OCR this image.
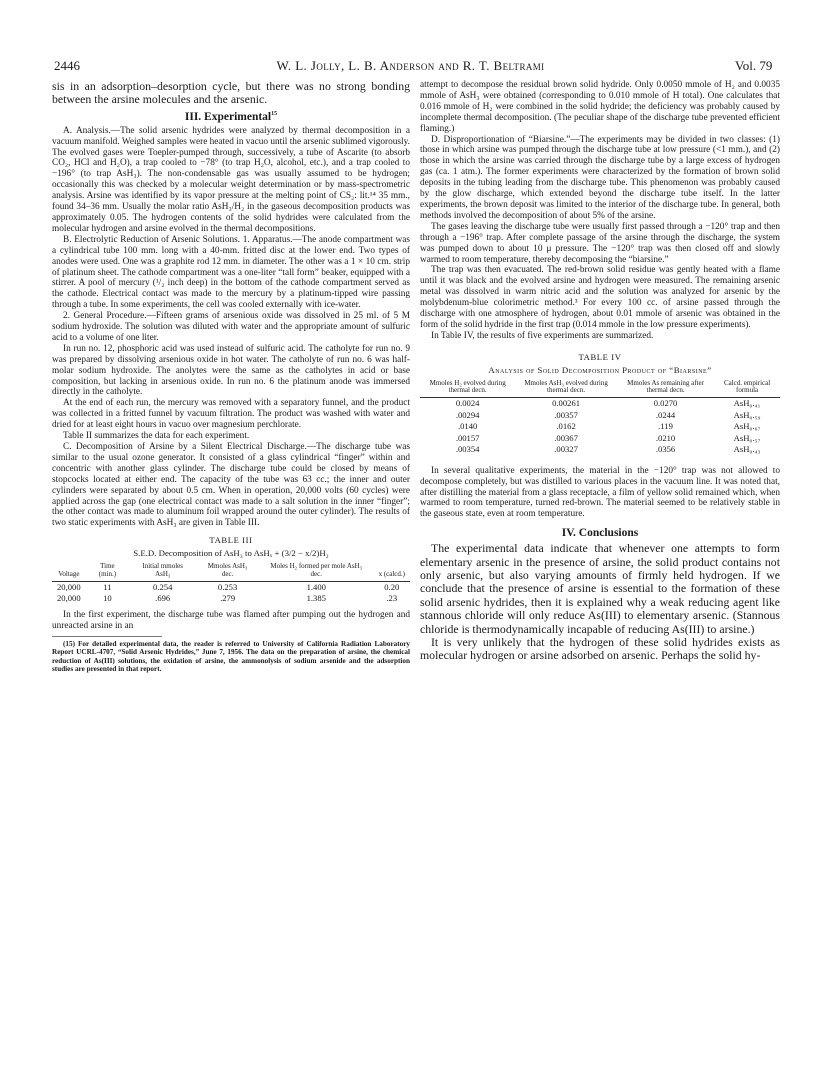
2446	W. L. Jolly, L. B. Anderson and R. T. Beltrami	Vol. 79

sis in an adsorption–desorption cycle, but there was no strong bonding between the arsine molecules and the arsenic.

III. Experimental$^{15}$

A. Analysis.—The solid arsenic hydrides were analyzed by thermal decomposition in a vacuum manifold. Weighed samples were heated in vacuo until the arsenic sublimed vigorously. The evolved gases were Toepler-pumped through, successively, a tube of Ascarite (to absorb CO₂, HCl and H₂O), a trap cooled to −78° (to trap H₂O, alcohol, etc.), and a trap cooled to −196° (to trap AsH₃). The non-condensable gas was usually assumed to be hydrogen; occasionally this was checked by a molecular weight determination or by mass-spectrometric analysis. Arsine was identified by its vapor pressure at the melting point of CS₂: lit.¹⁴ 35 mm., found 34–36 mm. Usually the molar ratio AsH₃/H₂ in the gaseous decomposition products was approximately 0.05. The hydrogen contents of the solid hydrides were calculated from the molecular hydrogen and arsine evolved in the thermal decompositions.

B. Electrolytic Reduction of Arsenic Solutions. 1. Apparatus.—The anode compartment was a cylindrical tube 100 mm. long with a 40-mm. fritted disc at the lower end. Two types of anodes were used. One was a graphite rod 12 mm. in diameter. The other was a 1 × 10 cm. strip of platinum sheet. The cathode compartment was a one-liter “tall form” beaker, equipped with a stirrer. A pool of mercury (¹/₂ inch deep) in the bottom of the cathode compartment served as the cathode. Electrical contact was made to the mercury by a platinum-tipped wire passing through a tube. In some experiments, the cell was cooled externally with ice-water.

2. General Procedure.—Fifteen grams of arsenious oxide was dissolved in 25 ml. of 5 M sodium hydroxide. The solution was diluted with water and the appropriate amount of sulfuric acid to a volume of one liter.

In run no. 12, phosphoric acid was used instead of sulfuric acid. The catholyte for run no. 9 was prepared by dissolving arsenious oxide in hot water. The catholyte of run no. 6 was half-molar sodium hydroxide. The anolytes were the same as the catholytes in acid or base composition, but lacking in arsenious oxide. In run no. 6 the platinum anode was immersed directly in the catholyte.

At the end of each run, the mercury was removed with a separatory funnel, and the product was collected in a fritted funnel by vacuum filtration. The product was washed with water and dried for at least eight hours in vacuo over magnesium perchlorate.

Table II summarizes the data for each experiment.

C. Decomposition of Arsine by a Silent Electrical Discharge.—The discharge tube was similar to the usual ozone generator. It consisted of a glass cylindrical “finger” within and concentric with another glass cylinder. The discharge tube could be closed by means of stopcocks located at either end. The capacity of the tube was 63 cc.; the inner and outer cylinders were separated by about 0.5 cm. When in operation, 20,000 volts (60 cycles) were applied across the gap (one electrical contact was made to a salt solution in the inner “finger”; the other contact was made to aluminum foil wrapped around the outer cylinder). The results of two static experiments with AsH₃ are given in Table III.

TABLE III
S.E.D. Decomposition of AsH₃ to AsHₓ + (3/2 − x/2)H₂
Voltage	Time (min.)	Initial mmoles AsH₃	Mmoles AsH₃ dec.	Moles H₂ formed per mole AsH₃ dec.	x (calcd.)
20,000	11	0.254	0.253	1.400	0.20
20,000	10	.696	.279	1.385	.23

In the first experiment, the discharge tube was flamed after pumping out the hydrogen and unreacted arsine in an

(15) For detailed experimental data, the reader is referred to University of California Radiation Laboratory Report UCRL-4707, “Solid Arsenic Hydrides,” June 7, 1956. The data on the preparation of arsine, the chemical reduction of As(III) solutions, the oxidation of arsine, the ammonolysis of sodium arsenide and the adsorption studies are presented in that report.

attempt to decompose the residual brown solid hydride. Only 0.0050 mmole of H₂ and 0.0035 mmole of AsH₃ were obtained (corresponding to 0.010 mmole of H total). One calculates that 0.016 mmole of H₂ were combined in the solid hydride; the deficiency was probably caused by incomplete thermal decomposition. (The peculiar shape of the discharge tube prevented efficient flaming.)

D. Disproportionation of “Biarsine.”—The experiments may be divided in two classes: (1) those in which arsine was pumped through the discharge tube at low pressure (<1 mm.), and (2) those in which the arsine was carried through the discharge tube by a large excess of hydrogen gas (ca. 1 atm.). The former experiments were characterized by the formation of brown solid deposits in the tubing leading from the discharge tube. This phenomenon was probably caused by the glow discharge, which extended beyond the discharge tube itself. In the latter experiments, the brown deposit was limited to the interior of the discharge tube. In general, both methods involved the decomposition of about 5% of the arsine.

The gases leaving the discharge tube were usually first passed through a −120° trap and then through a −196° trap. After complete passage of the arsine through the discharge, the system was pumped down to about 10 μ pressure. The −120° trap was then closed off and slowly warmed to room temperature, thereby decomposing the “biarsine.”

The trap was then evacuated. The red-brown solid residue was gently heated with a flame until it was black and the evolved arsine and hydrogen were measured. The remaining arsenic metal was dissolved in warm nitric acid and the solution was analyzed for arsenic by the molybdenum-blue colorimetric method.³ For every 100 cc. of arsine passed through the discharge with one atmosphere of hydrogen, about 0.01 mmole of arsenic was obtained in the form of the solid hydride in the first trap (0.014 mmole in the low pressure experiments).

In Table IV, the results of five experiments are summarized.

TABLE IV
Analysis of Solid Decomposition Product of “Biarsine”
Mmoles H₂ evolved during thermal decn.	Mmoles AsH₃ evolved during thermal decn.	Mmoles As remaining after thermal decn.	Calcd. empirical formula
0.0024	0.00261	0.0270	AsH₀.₄₁
.00294	.00357	.0244	AsH₀.₅₉
.0140	.0162	.119	AsH₀.₆₇
.00157	.00367	.0210	AsH₀.₅₇
.00354	.00327	.0356	AsH₀.₄₃

In several qualitative experiments, the material in the −120° trap was not allowed to decompose completely, but was distilled to various places in the vacuum line. It was noted that, after distilling the material from a glass receptacle, a film of yellow solid remained which, when warmed to room temperature, turned red-brown. The material seemed to be relatively stable in the gaseous state, even at room temperature.

IV. Conclusions

The experimental data indicate that whenever one attempts to form elementary arsenic in the presence of arsine, the solid product contains not only arsenic, but also varying amounts of firmly held hydrogen. If we conclude that the presence of arsine is essential to the formation of these solid arsenic hydrides, then it is explained why a weak reducing agent like stannous chloride will only reduce As(III) to elementary arsenic. (Stannous chloride is thermodynamically incapable of reducing As(III) to arsine.)

It is very unlikely that the hydrogen of these solid hydrides exists as molecular hydrogen or arsine adsorbed on arsenic. Perhaps the solid hy-
